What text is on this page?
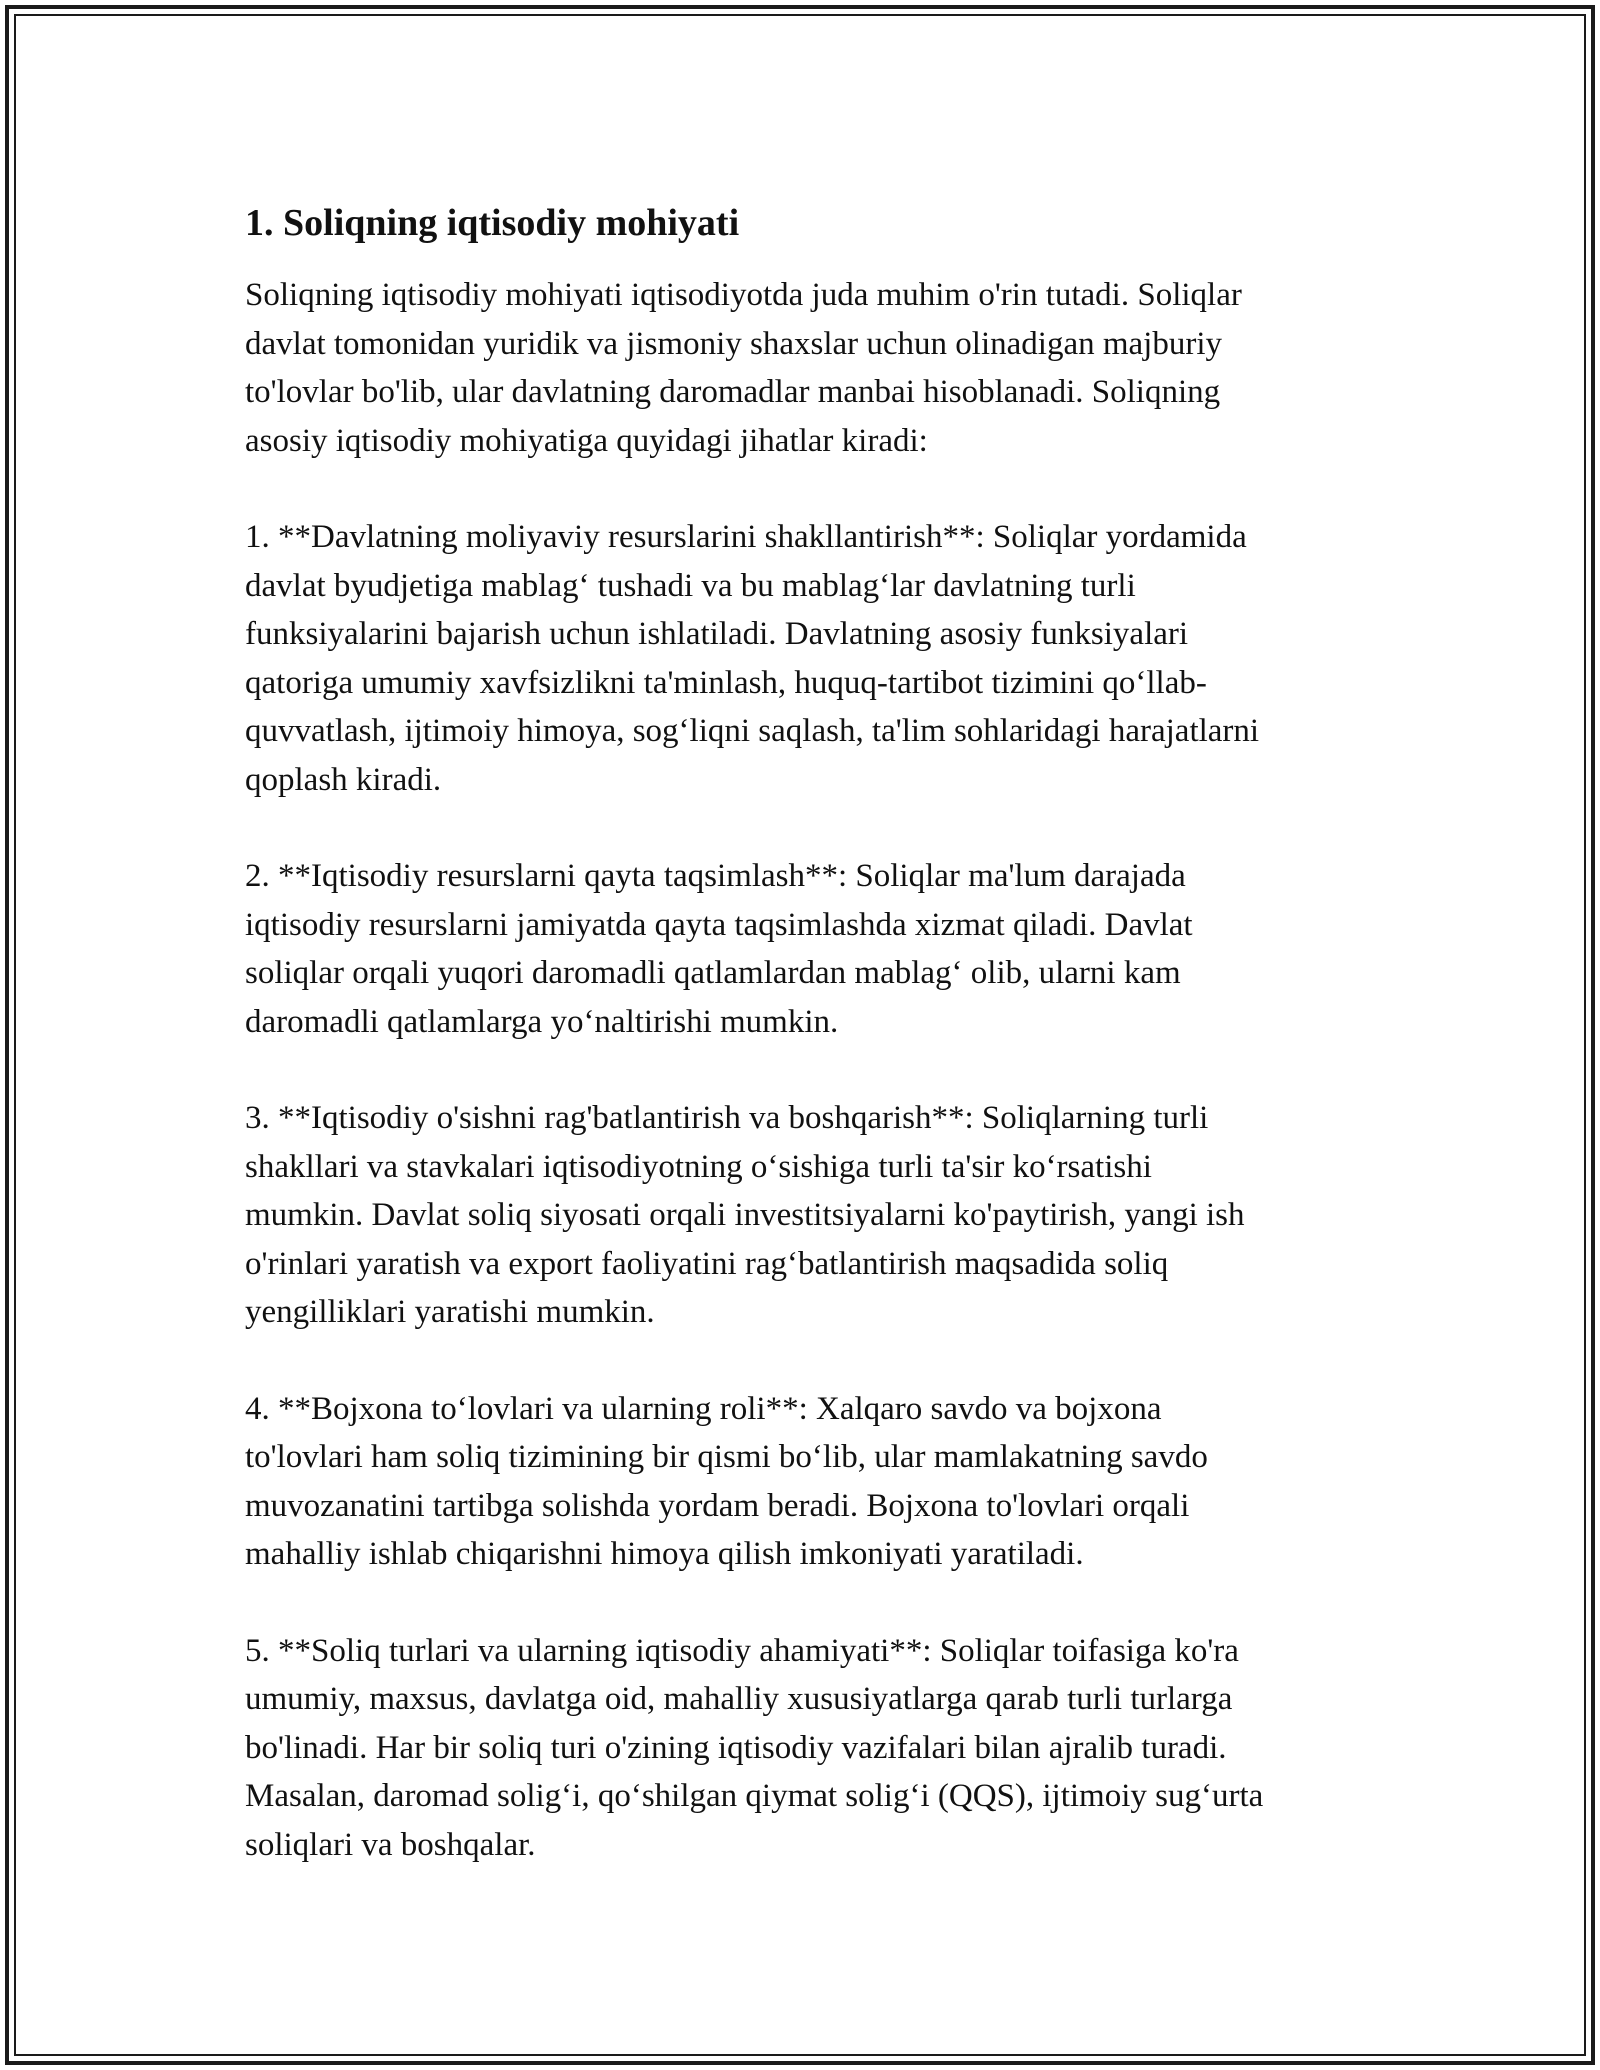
1. Soliqning iqtisodiy mohiyati

Soliqning iqtisodiy mohiyati iqtisodiyotda juda muhim o'rin tutadi. Soliqlar
davlat tomonidan yuridik va jismoniy shaxslar uchun olinadigan majburiy
to'lovlar bo'lib, ular davlatning daromadlar manbai hisoblanadi. Soliqning
asosiy iqtisodiy mohiyatiga quyidagi jihatlar kiradi:

1. **Davlatning moliyaviy resurslarini shakllantirish**: Soliqlar yordamida
davlat byudjetiga mablag‘ tushadi va bu mablag‘lar davlatning turli
funksiyalarini bajarish uchun ishlatiladi. Davlatning asosiy funksiyalari
qatoriga umumiy xavfsizlikni ta'minlash, huquq-tartibot tizimini qo‘llab-
quvvatlash, ijtimoiy himoya, sog‘liqni saqlash, ta'lim sohlaridagi harajatlarni
qoplash kiradi.

2. **Iqtisodiy resurslarni qayta taqsimlash**: Soliqlar ma'lum darajada
iqtisodiy resurslarni jamiyatda qayta taqsimlashda xizmat qiladi. Davlat
soliqlar orqali yuqori daromadli qatlamlardan mablag‘ olib, ularni kam
daromadli qatlamlarga yo‘naltirishi mumkin.

3. **Iqtisodiy o'sishni rag'batlantirish va boshqarish**: Soliqlarning turli
shakllari va stavkalari iqtisodiyotning o‘sishiga turli ta'sir ko‘rsatishi
mumkin. Davlat soliq siyosati orqali investitsiyalarni ko'paytirish, yangi ish
o'rinlari yaratish va export faoliyatini rag‘batlantirish maqsadida soliq
yengilliklari yaratishi mumkin.

4. **Bojxona to‘lovlari va ularning roli**: Xalqaro savdo va bojxona
to'lovlari ham soliq tizimining bir qismi bo‘lib, ular mamlakatning savdo
muvozanatini tartibga solishda yordam beradi. Bojxona to'lovlari orqali
mahalliy ishlab chiqarishni himoya qilish imkoniyati yaratiladi.

5. **Soliq turlari va ularning iqtisodiy ahamiyati**: Soliqlar toifasiga ko'ra
umumiy, maxsus, davlatga oid, mahalliy xususiyatlarga qarab turli turlarga
bo'linadi. Har bir soliq turi o'zining iqtisodiy vazifalari bilan ajralib turadi.
Masalan, daromad solig‘i, qo‘shilgan qiymat solig‘i (QQS), ijtimoiy sug‘urta
soliqlari va boshqalar.
